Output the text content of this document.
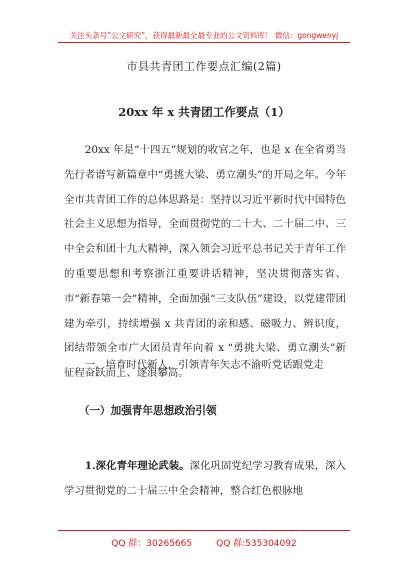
关注头条号“公文研究”，获得最新最全最专业的公文资料库！ 微信：gongwenyj
市县共青团工作要点汇编(2篇)
20xx 年 x 共青团工作要点（1）

20xx 年是“十四五”规划的收官之年，也是 x 在全省勇当先行者谱写新篇章中“勇挑大梁、勇立潮头”的开局之年。今年全市共青团工作的总体思路是：坚持以习近平新时代中国特色社会主义思想为指导，全面贯彻党的二十大、二十届二中、三中全会和团十九大精神，深入领会习近平总书记关于青年工作的重要思想和考察浙江重要讲话精神，坚决贯彻落实省、市“新春第一会”精神，全面加强“三支队伍”建设，以党建带团建为牵引，持续增强 x 共青团的亲和感、磁吸力、辨识度，团结带领全市广大团员青年向着 x “勇挑大梁、勇立潮头”新征程奋跃而上、逐浪攀高。

一、培育时代新人，引领青年矢志不渝听党话跟党走
（一）加强青年思想政治引领

1.深化青年理论武装。深化巩固党纪学习教育成果，深入学习贯彻党的二十届三中全会精神，整合红色根脉地

QQ 群：30265665	QQ 群:535304092
